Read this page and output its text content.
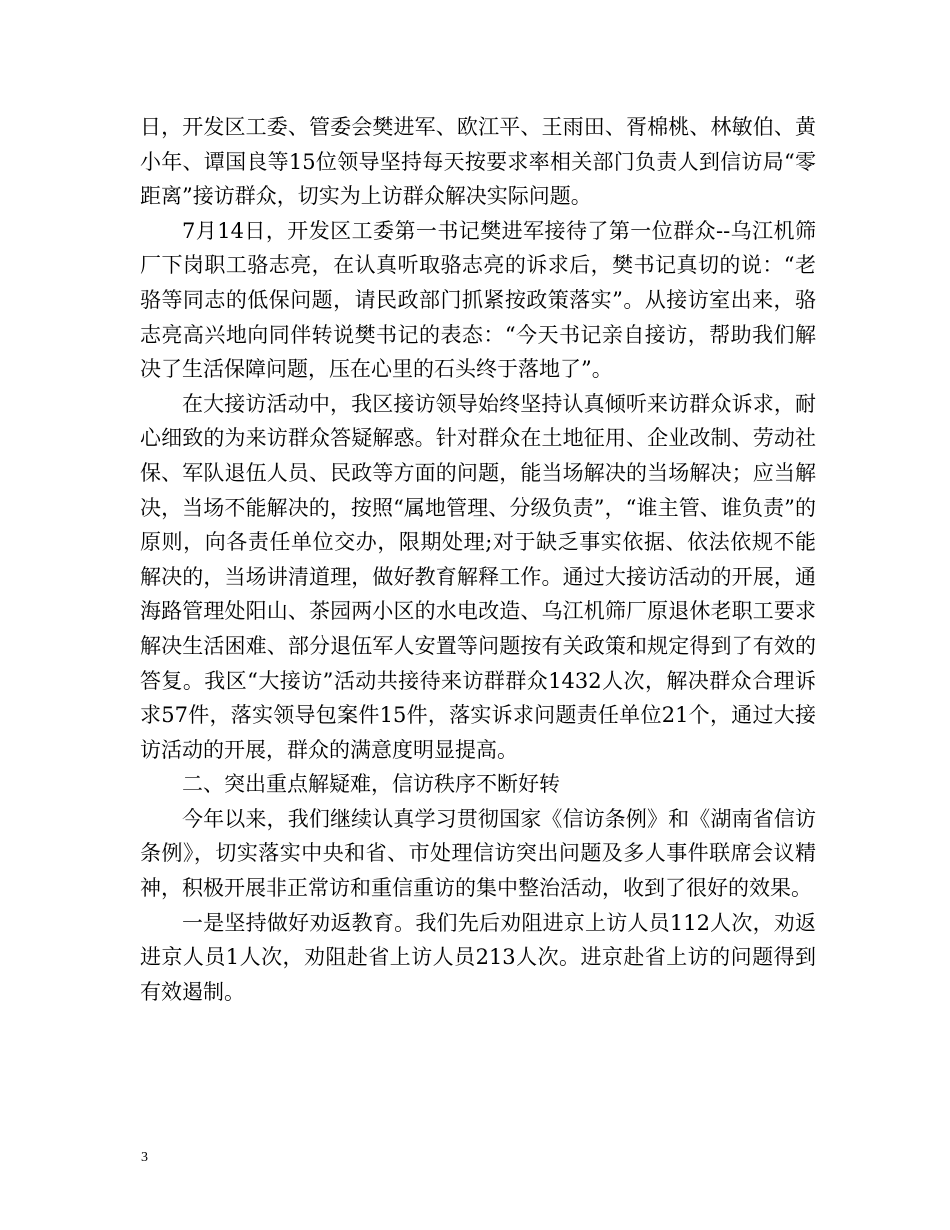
日，开发区工委、管委会樊进军、欧江平、王雨田、胥棉桃、林敏伯、黄小年、谭国良等15位领导坚持每天按要求率相关部门负责人到信访局“零距离”接访群众，切实为上访群众解决实际问题。

7月14日，开发区工委第一书记樊进军接待了第一位群众--乌江机筛厂下岗职工骆志亮，在认真听取骆志亮的诉求后，樊书记真切的说：“老骆等同志的低保问题，请民政部门抓紧按政策落实”。从接访室出来，骆志亮高兴地向同伴转说樊书记的表态：“今天书记亲自接访，帮助我们解决了生活保障问题，压在心里的石头终于落地了”。

在大接访活动中，我区接访领导始终坚持认真倾听来访群众诉求，耐心细致的为来访群众答疑解惑。针对群众在土地征用、企业改制、劳动社保、军队退伍人员、民政等方面的问题，能当场解决的当场解决；应当解决，当场不能解决的，按照“属地管理、分级负责”，“谁主管、谁负责”的原则，向各责任单位交办，限期处理;对于缺乏事实依据、依法依规不能解决的，当场讲清道理，做好教育解释工作。通过大接访活动的开展，通海路管理处阳山、茶园两小区的水电改造、乌江机筛厂原退休老职工要求解决生活困难、部分退伍军人安置等问题按有关政策和规定得到了有效的答复。我区“大接访”活动共接待来访群群众1432人次，解决群众合理诉求57件，落实领导包案件15件，落实诉求问题责任单位21个，通过大接访活动的开展，群众的满意度明显提高。

二、突出重点解疑难，信访秩序不断好转

今年以来，我们继续认真学习贯彻国家《信访条例》和《湖南省信访条例》，切实落实中央和省、市处理信访突出问题及多人事件联席会议精神，积极开展非正常访和重信重访的集中整治活动，收到了很好的效果。

一是坚持做好劝返教育。我们先后劝阻进京上访人员112人次，劝返进京人员1人次，劝阻赴省上访人员213人次。进京赴省上访的问题得到有效遏制。

3
